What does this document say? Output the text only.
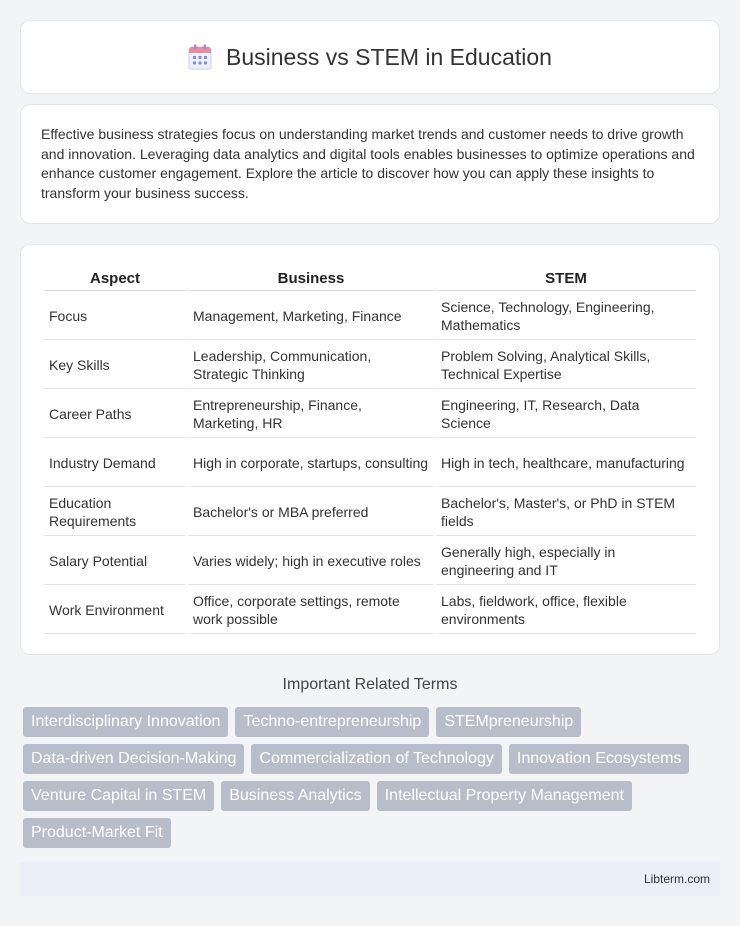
Business vs STEM in Education

Effective business strategies focus on understanding market trends and customer needs to drive growth and innovation. Leveraging data analytics and digital tools enables businesses to optimize operations and enhance customer engagement. Explore the article to discover how you can apply these insights to transform your business success.

Aspect	Business	STEM
Focus	Management, Marketing, Finance	Science, Technology, Engineering, Mathematics
Key Skills	Leadership, Communication, Strategic Thinking	Problem Solving, Analytical Skills, Technical Expertise
Career Paths	Entrepreneurship, Finance, Marketing, HR	Engineering, IT, Research, Data Science
Industry Demand	High in corporate, startups, consulting	High in tech, healthcare, manufacturing
Education Requirements	Bachelor's or MBA preferred	Bachelor's, Master's, or PhD in STEM fields
Salary Potential	Varies widely; high in executive roles	Generally high, especially in engineering and IT
Work Environment	Office, corporate settings, remote work possible	Labs, fieldwork, office, flexible environments
Important Related Terms
Interdisciplinary Innovation	Techno-entrepreneurship	STEMpreneurship
Data-driven Decision-Making	Commercialization of Technology	Innovation Ecosystems
Venture Capital in STEM	Business Analytics	Intellectual Property Management
Product-Market Fit
Libterm.com
